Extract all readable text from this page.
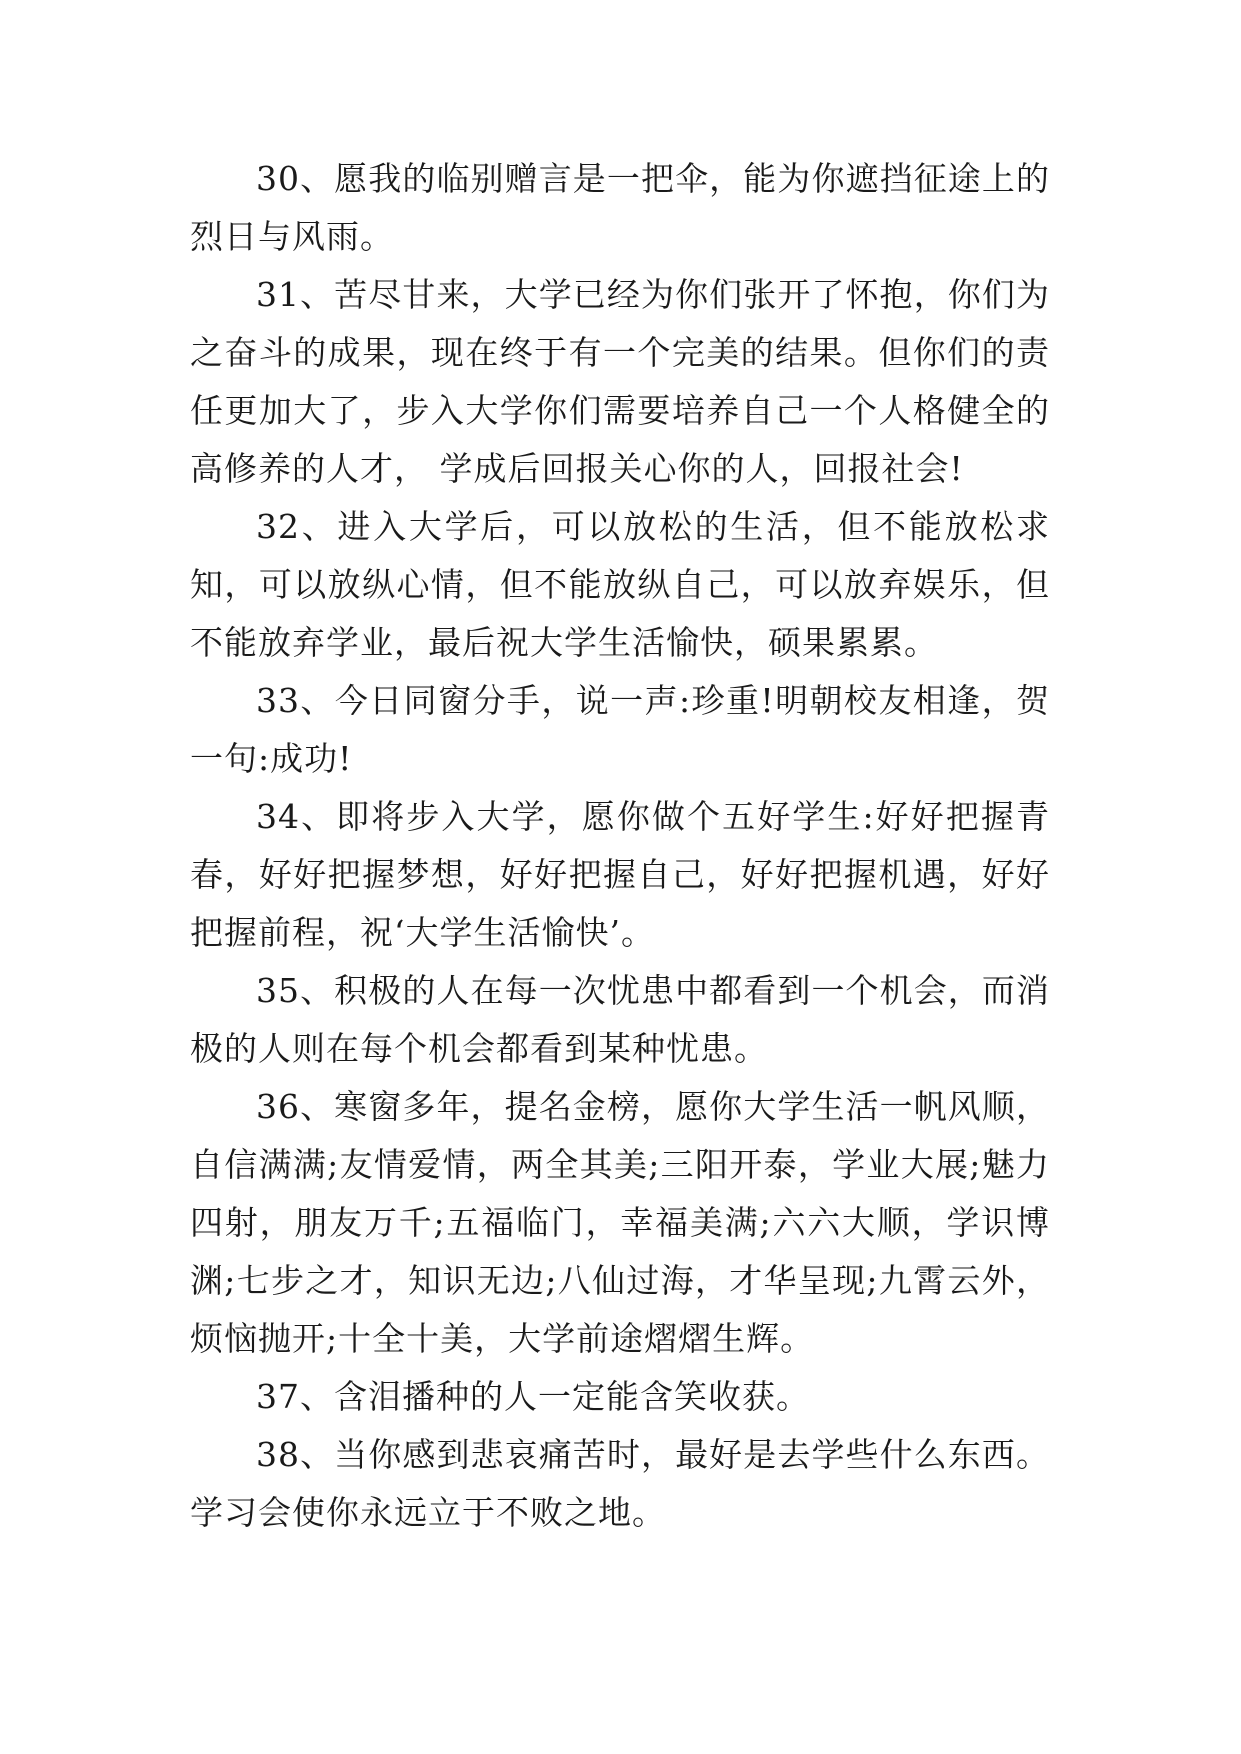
30、愿我的临别赠言是一把伞，能为你遮挡征途上的烈日与风雨。

31、苦尽甘来，大学已经为你们张开了怀抱，你们为之奋斗的成果，现在终于有一个完美的结果。但你们的责任更加大了，步入大学你们需要培养自己一个人格健全的高修养的人才， 学成后回报关心你的人，回报社会!

32、进入大学后，可以放松的生活，但不能放松求知，可以放纵心情，但不能放纵自己，可以放弃娱乐，但不能放弃学业，最后祝大学生活愉快，硕果累累。

33、今日同窗分手，说一声:珍重!明朝校友相逢，贺一句:成功!

34、即将步入大学，愿你做个五好学生:好好把握青春，好好把握梦想，好好把握自己，好好把握机遇，好好把握前程，祝‘大学生活愉快’。

35、积极的人在每一次忧患中都看到一个机会，而消极的人则在每个机会都看到某种忧患。

36、寒窗多年，提名金榜，愿你大学生活一帆风顺，自信满满;友情爱情，两全其美;三阳开泰，学业大展;魅力四射，朋友万千;五福临门，幸福美满;六六大顺，学识博渊;七步之才，知识无边;八仙过海，才华呈现;九霄云外，烦恼抛开;十全十美，大学前途熠熠生辉。

37、含泪播种的人一定能含笑收获。

38、当你感到悲哀痛苦时，最好是去学些什么东西。学习会使你永远立于不败之地。
